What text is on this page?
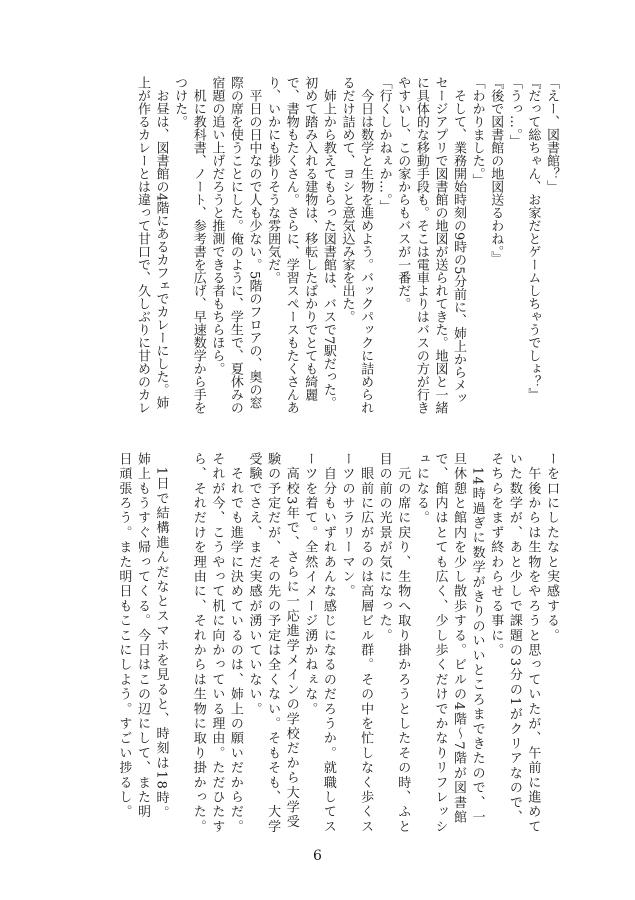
「えー、図書館？」
『だって総ちゃん、お家だとゲームしちゃうでしょ？』
「うっ…。」
『後で図書館の地図送るわね。』
「わかりました。」
　そして、業務開始時刻の9時の5分前に、姉上からメッ
セージアプリで図書館の地図が送られてきた。地図と一緒
に具体的な移動手段も。そこは電車よりはバスの方が行き
やすいし、この家からもバスが一番だ。
「行くしかねぇか…。」
　今日は数学と生物を進めよう。バックパックに詰められ
るだけ詰めて、ヨシと意気込み家を出た。
　姉上から教えてもらった図書館は、バスで7駅だった。
初めて踏み入れる建物は、移転したばかりでとても綺麗
で、書物もたくさん。さらに、学習スペースもたくさんあ
り、いかにも捗りそうな雰囲気だ。
　平日の日中なので人も少ない。5階のフロアの、奥の窓
際の席を使うことにした。俺のように、学生で、夏休みの
宿題の追い上げだろうと推測できる者もちらほら。
　机に教科書、ノート、参考書を広げ、早速数学から手を
つけた。
　お昼は、図書館の4階にあるカフェでカレーにした。姉
上が作るカレーとは違って甘口で、久しぶりに甘めのカレ
ーを口にしたなと実感する。
　午後からは生物をやろうと思っていたが、午前に進めて
いた数学が、あと少しで課題の3分の1がクリアなので、
そちらをまず終わらせる事に。
　14時過ぎに数学がきりのいいところまできたので、一
旦休憩と館内を少し散歩する。ビルの4階〜7階が図書館
で、館内はとても広く、少し歩くだけでかなりリフレッシ
ュになる。
　元の席に戻り、生物へ取り掛かろうとしたその時、ふと
目の前の光景が気になった。
　眼前に広がるのは高層ビル群。その中を忙しなく歩くス
ーツのサラリーマン。
　自分もいずれあんな感じになるのだろうか。就職してス
ーツを着て。全然イメージ湧かねぇな。
　高校3年で、さらに一応進学メインの学校だから大学受
験の予定だが、その先の予定は全くない。そもそも、大学
受験でさえ、まだ実感が湧いていない。
　それでも進学に決めているのは、姉上の願いだからだ。
それが今、こうやって机に向かっている理由。ただひたす
ら、それだけを理由に、それからは生物に取り掛かった。
　1日で結構進んだなとスマホを見ると、時刻は18時。
姉上もうすぐ帰ってくる。今日はこの辺にして、また明
日頑張ろう。また明日もここにしよう。すごい捗るし。
6
